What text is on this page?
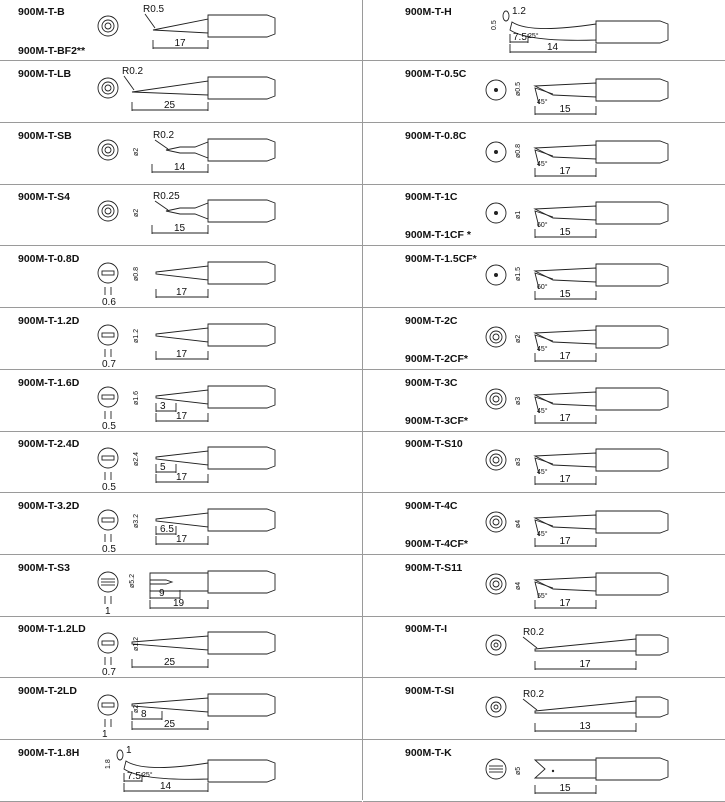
900M-T-B
900M-T-BF2**
R0.5
17
900M-T-LB	R0.2
25
900M-T-SB	R0.2
ø2
14
900M-T-S4	R0.25
ø2
15
900M-T-0.8D
0.6
ø0.8
17
900M-T-1.2D
0.7
ø1.2
17
900M-T-1.6D
0.5
ø1.6
3
17
900M-T-2.4D
0.5
ø2.4
5
17
900M-T-3.2D
0.5
ø3.2
6.5
17
900M-T-S3
1
ø5.2
9
19
900M-T-1.2LD
0.7
ø1.2
25
900M-T-2LD
1
ø2
8
25
900M-T-1.8H	1
1.8
7.5 25°
14
900M-T-H	1.2
0.5
7.5 25°
14
900M-T-0.5C
45°
ø0.5
15
900M-T-0.8C
45°
ø0.8
17
900M-T-1C
900M-T-1CF *
60°
ø1
15
900M-T-1.5CF*
60°
ø1.5
15
900M-T-2C
900M-T-2CF*
45°
ø2
17
900M-T-3C
900M-T-3CF*
45°
ø3
17
900M-T-S10
45°
ø3
17
900M-T-4C
900M-T-4CF*
45°
ø4
17
900M-T-S11
55°
ø4
17
900M-T-I	R0.2
17
900M-T-SI	R0.2
13
900M-T-K
ø5
15
